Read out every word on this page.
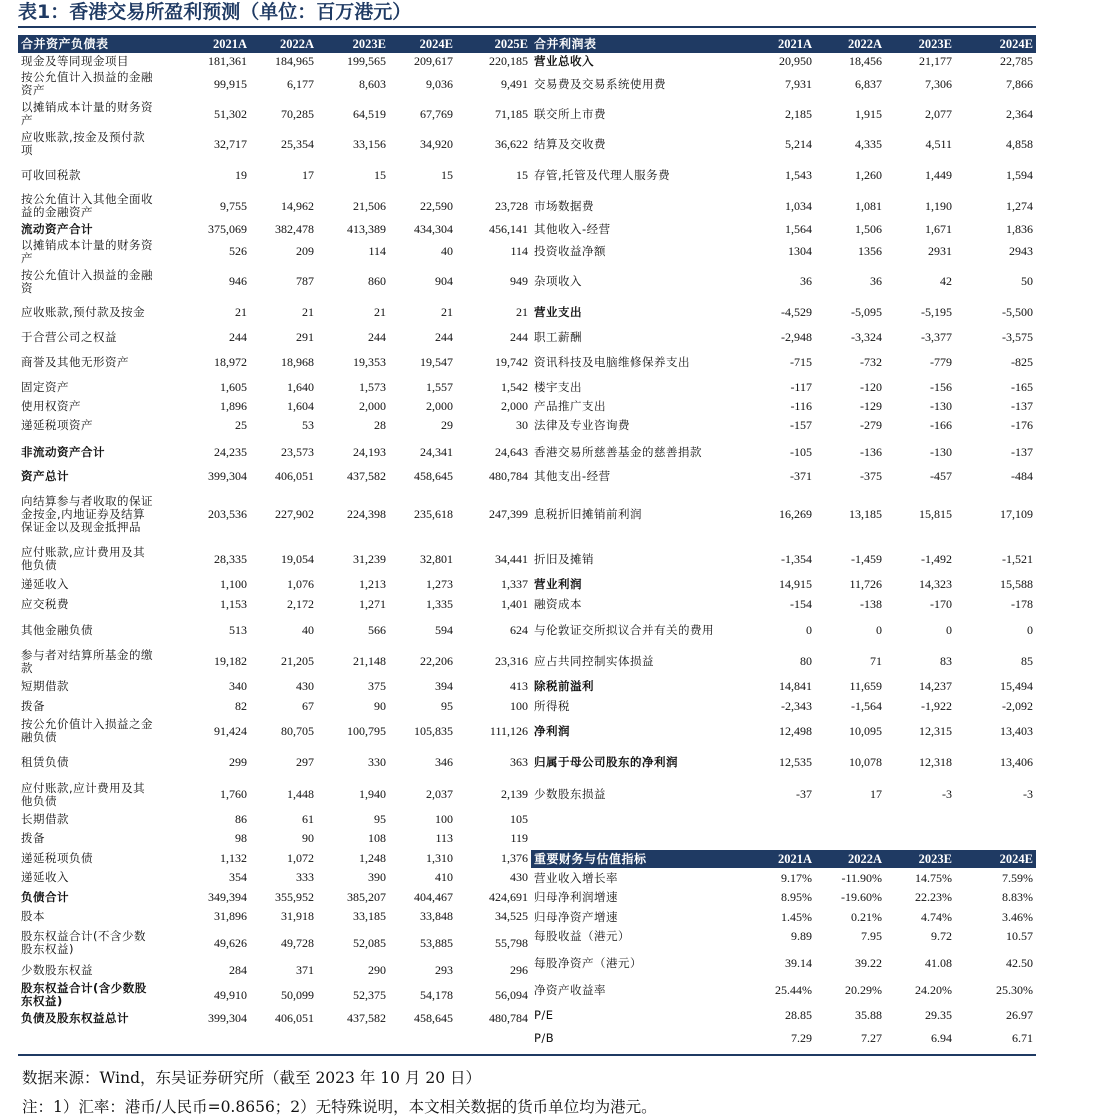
表1：香港交易所盈利预测（单位：百万港元）
合并资产负债表	2021A	2022A	2023E	2024E	2025E
现金及等同现金项目	181,361	184,965	199,565	209,617	220,185
按公允值计入损益的金融资产	99,915	6,177	8,603	9,036	9,491
以摊销成本计量的财务资产	51,302	70,285	64,519	67,769	71,185
应收账款,按金及预付款项	32,717	25,354	33,156	34,920	36,622
可收回税款	19	17	15	15	15
按公允值计入其他全面收益的金融资产	9,755	14,962	21,506	22,590	23,728
流动资产合计	375,069	382,478	413,389	434,304	456,141
以摊销成本计量的财务资产	526	209	114	40	114
按公允值计入损益的金融资	946	787	860	904	949
应收账款,预付款及按金	21	21	21	21	21
于合营公司之权益	244	291	244	244	244
商誉及其他无形资产	18,972	18,968	19,353	19,547	19,742
固定资产	1,605	1,640	1,573	1,557	1,542
使用权资产	1,896	1,604	2,000	2,000	2,000
递延税项资产	25	53	28	29	30
非流动资产合计	24,235	23,573	24,193	24,341	24,643
资产总计	399,304	406,051	437,582	458,645	480,784
向结算参与者收取的保证金按金,内地证券及结算保证金以及现金抵押品	203,536	227,902	224,398	235,618	247,399
应付账款,应计费用及其他负债	28,335	19,054	31,239	32,801	34,441
递延收入	1,100	1,076	1,213	1,273	1,337
应交税费	1,153	2,172	1,271	1,335	1,401
其他金融负债	513	40	566	594	624
参与者对结算所基金的缴款	19,182	21,205	21,148	22,206	23,316
短期借款	340	430	375	394	413
拨备	82	67	90	95	100
按公允价值计入损益之金融负债	91,424	80,705	100,795	105,835	111,126
租赁负债	299	297	330	346	363
应付账款,应计费用及其他负债	1,760	1,448	1,940	2,037	2,139
长期借款	86	61	95	100	105
拨备	98	90	108	113	119
递延税项负债	1,132	1,072	1,248	1,310	1,376
递延收入	354	333	390	410	430
负债合计	349,394	355,952	385,207	404,467	424,691
股本	31,896	31,918	33,185	33,848	34,525
股东权益合计(不含少数股东权益)	49,626	49,728	52,085	53,885	55,798
少数股东权益	284	371	290	293	296
股东权益合计(含少数股东权益)	49,910	50,099	52,375	54,178	56,094
负债及股东权益总计	399,304	406,051	437,582	458,645	480,784
合并利润表		2021A	2022A	2023E	2024E	
营业总收入		20,950	18,456	21,177	22,785	
交易费及交易系统使用费		7,931	6,837	7,306	7,866	
联交所上市费		2,185	1,915	2,077	2,364	
结算及交收费		5,214	4,335	4,511	4,858	
存管,托管及代理人服务费		1,543	1,260	1,449	1,594	
市场数据费		1,034	1,081	1,190	1,274	
其他收入-经营		1,564	1,506	1,671	1,836	
投资收益净额		1304	1356	2931	2943	
杂项收入		36	36	42	50	
营业支出		-4,529	-5,095	-5,195	-5,500	
职工薪酬		-2,948	-3,324	-3,377	-3,575	
资讯科技及电脑维修保养支出		-715	-732	-779	-825	
楼宇支出		-117	-120	-156	-165	
产品推广支出		-116	-129	-130	-137	
法律及专业咨询费		-157	-279	-166	-176	
香港交易所慈善基金的慈善捐款		-105	-136	-130	-137	
其他支出-经营		-371	-375	-457	-484	
息税折旧摊销前利润		16,269	13,185	15,815	17,109	
折旧及摊销		-1,354	-1,459	-1,492	-1,521	
营业利润		14,915	11,726	14,323	15,588	
融资成本		-154	-138	-170	-178	
与伦敦证交所拟议合并有关的费用		0	0	0	0	
应占共同控制实体损益		80	71	83	85	
除税前溢利		14,841	11,659	14,237	15,494	
所得税		-2,343	-1,564	-1,922	-2,092	
净利润		12,498	10,095	12,315	13,403	
归属于母公司股东的净利润		12,535	10,078	12,318	13,406	
少数股东损益		-37	17	-3	-3	
重要财务与估值指标		2021A	2022A	2023E	2024E	
营业收入增长率		9.17%	-11.90%	14.75%	7.59%	
归母净利润增速		8.95%	-19.60%	22.23%	8.83%	
归母净资产增速		1.45%	0.21%	4.74%	3.46%	
每股收益（港元）		9.89	7.95	9.72	10.57	
每股净资产（港元）		39.14	39.22	41.08	42.50	
净资产收益率		25.44%	20.29%	24.20%	25.30%	
P/E		28.85	35.88	29.35	26.97	
P/B		7.29	7.27	6.94	6.71	
数据来源：Wind，东吴证券研究所（截至 2023 年 10 月 20 日）
注：1）汇率：港币/人民币=0.8656；2）无特殊说明，本文相关数据的货币单位均为港元。
